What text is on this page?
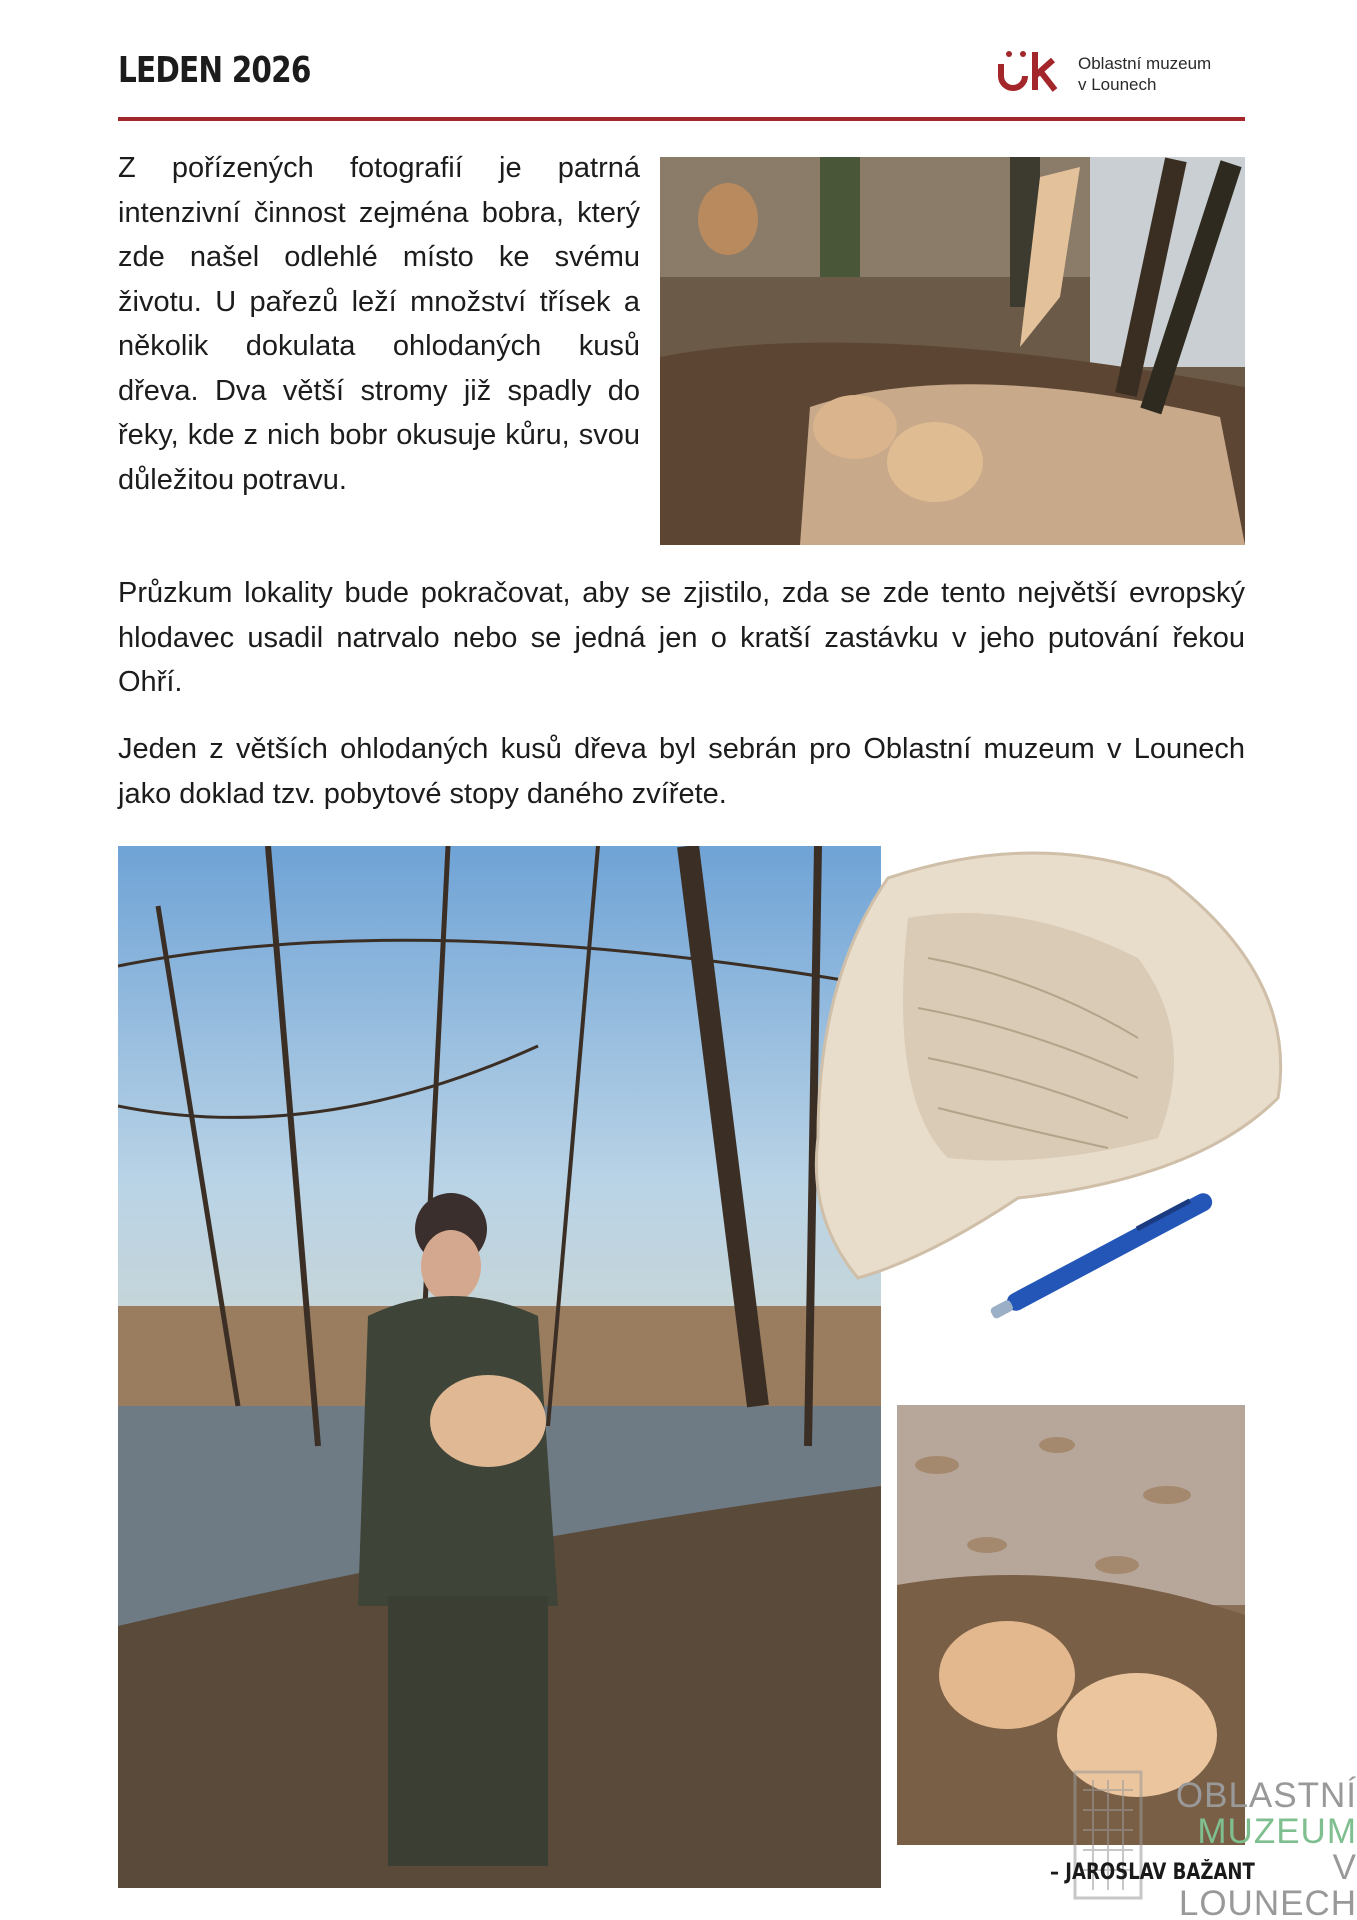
LEDEN 2026	Oblastní muzeum
v Lounech

Z pořízených fotografií je patrná intenzivní činnost zejména bobra, který zde našel odlehlé místo ke svému životu. U pařezů leží množství třísek a několik dokulata ohlodaných kusů dřeva. Dva větší stromy již spadly do řeky, kde z nich bobr okusuje kůru, svou důležitou potravu.

Průzkum lokality bude pokračovat, aby se zjistilo, zda se zde tento největší evropský hlodavec usadil natrvalo nebo se jedná jen o kratší zastávku v jeho putování řekou Ohří.

Jeden z větších ohlodaných kusů dřeva byl sebrán pro Oblastní muzeum v Lounech jako doklad tzv. pobytové stopy daného zvířete.

OBLASTNÍ
MUZEUM
V LOUNECH
– JAROSLAV BAŽANT
